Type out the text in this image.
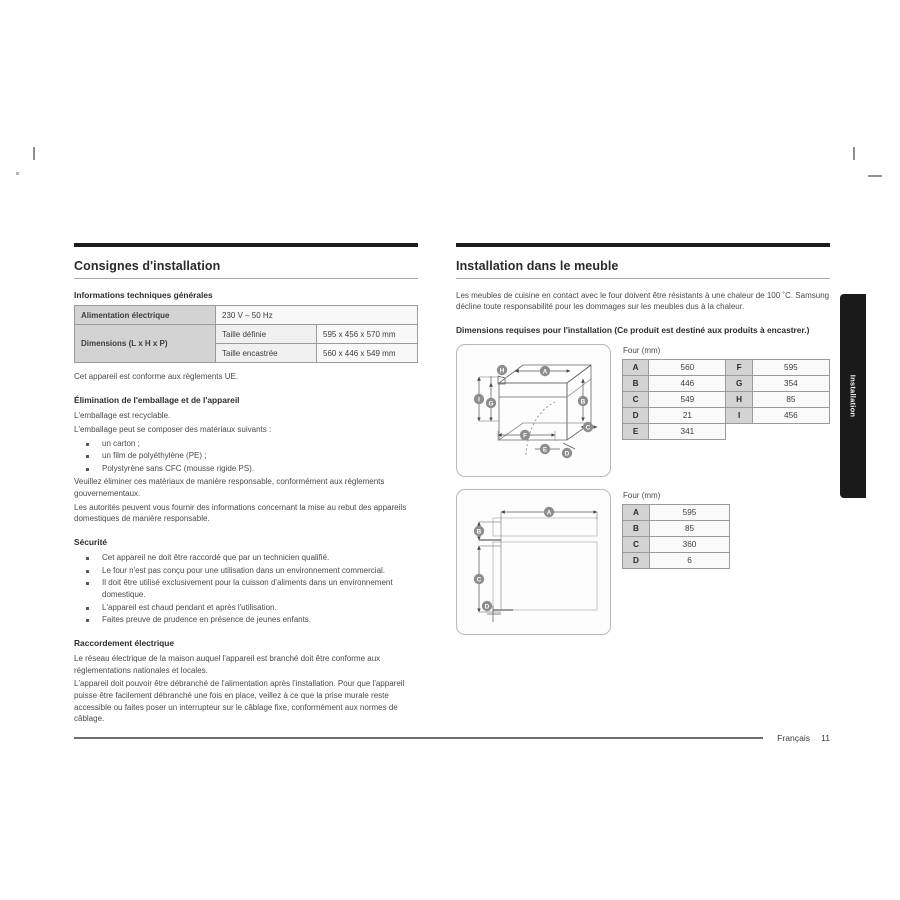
Consignes d'installation
Informations techniques générales
Alimentation électrique	230 V – 50 Hz	
Dimensions (L x H x P)	Taille définie	595 x 456 x 570 mm
	Taille encastrée	560 x 446 x 549 mm

Cet appareil est conforme aux règlements UE.

Élimination de l'emballage et de l'appareil

L'emballage est recyclable.

L'emballage peut se composer des matériaux suivants :

un carton ;
un film de polyéthylène (PE) ;
Polystyrène sans CFC (mousse rigide PS).

Veuillez éliminer ces matériaux de manière responsable, conformément aux règlements gouvernementaux.

Les autorités peuvent vous fournir des informations concernant la mise au rebut des appareils domestiques de manière responsable.

Sécurité
Cet appareil ne doit être raccordé que par un technicien qualifié.
Le four n'est pas conçu pour une utilisation dans un environnement commercial.
Il doit être utilisé exclusivement pour la cuisson d'aliments dans un environnement domestique.
L'appareil est chaud pendant et après l'utilisation.
Faites preuve de prudence en présence de jeunes enfants.
Raccordement électrique

Le réseau électrique de la maison auquel l'appareil est branché doit être conforme aux réglementations nationales et locales.

L'appareil doit pouvoir être débranché de l'alimentation après l'installation. Pour que l'appareil puisse être facilement débranché une fois en place, veillez à ce que la prise murale reste accessible ou faites poser un interrupteur sur le câblage fixe, conformément aux normes de câblage.

Installation dans le meuble

Les meubles de cuisine en contact avec le four doivent être résistants à une chaleur de 100 ˚C. Samsung décline toute responsabilité pour les dommages sur les meubles dus à la chaleur.

Dimensions requises pour l'installation (Ce produit est destiné aux produits à encastrer.)
A
B
C
D
E
F
G
H
I
Four (mm)
A	560	F	595
B	446	G	354
C	549	H	85
D	21	I	456
E	341		
A
B
C
D
Four (mm)
A	595
B	85
C	360
D	6
Installation
Français 11
